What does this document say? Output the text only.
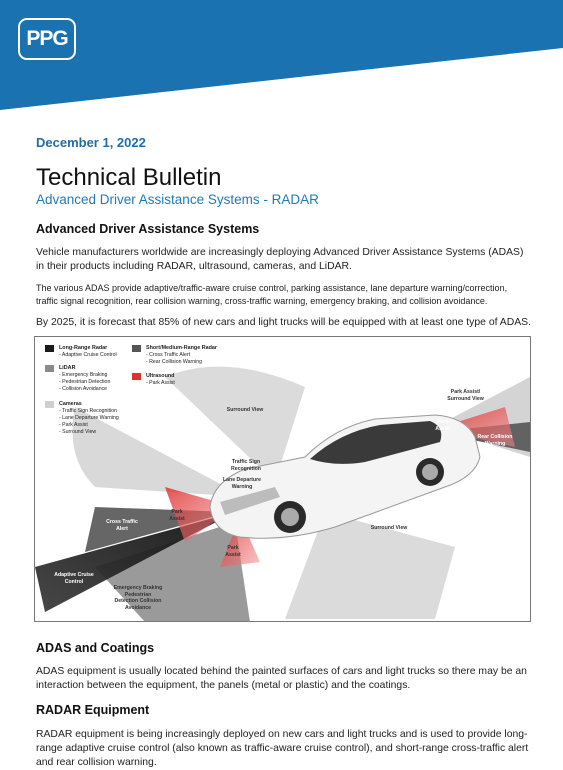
PPG
December 1, 2022
Technical Bulletin
Advanced Driver Assistance Systems - RADAR
Advanced Driver Assistance Systems

Vehicle manufacturers worldwide are increasingly deploying Advanced Driver Assistance Systems (ADAS) in their products including RADAR, ultrasound, cameras, and LiDAR.

The various ADAS provide adaptive/traffic-aware cruise control, parking assistance, lane departure warning/correction, traffic signal recognition, rear collision warning, cross-traffic warning, emergency braking, and collision avoidance.

By 2025, it is forecast that 85% of new cars and light trucks will be equipped with at least one type of ADAS.

Long-Range Radar
- Adaptive Cruise Control
LiDAR
- Emergency Braking
- Pedestrian Detection
- Collision Avoidance
Cameras
- Traffic Sign Recognition
- Lane Departure Warning
- Park Assist
- Surround View
Short/Medium-Range Radar
- Cross Traffic Alert
- Rear Collision Warning
Ultrasound
- Park Assist
Surround View
Park Assist/ Surround View
Park Assist
Rear Collision Warning
Traffic Sign Recognition
Lane Departure Warning
Park Assist
Park Assist
Cross Traffic Alert
Adaptive Cruise Control
Emergency Braking Pedestrian Detection Collision Avoidance
Surround View
ADAS and Coatings

ADAS equipment is usually located behind the painted surfaces of cars and light trucks so there may be an interaction between the equipment, the panels (metal or plastic) and the coatings.

RADAR Equipment

RADAR equipment is being increasingly deployed on new cars and light trucks and is used to provide long-range adaptive cruise control (also known as traffic-aware cruise control), and short-range cross-traffic alert and rear collision warning.
